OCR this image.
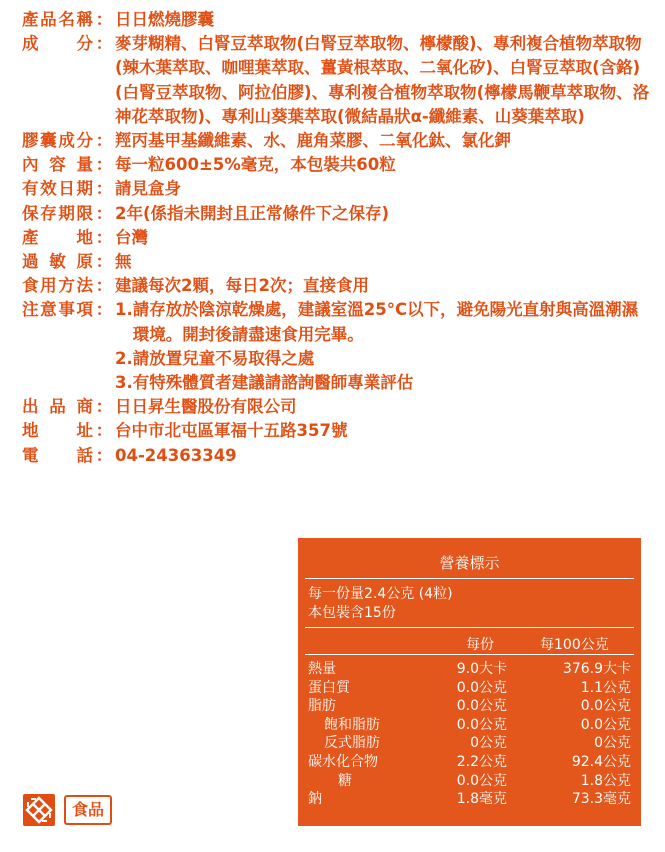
產品名稱 ： 日日燃燒膠囊
成 分 ： 麥芽糊精、白腎豆萃取物(白腎豆萃取物、檸檬酸)、專利複合植物萃取物(辣木葉萃取、咖哩葉萃取、薑黃根萃取、二氧化矽)、白腎豆萃取(含鉻)(白腎豆萃取物、阿拉伯膠)、專利複合植物萃取物(檸檬馬鞭草萃取物、洛神花萃取物)、專利山葵葉萃取(微結晶狀α-纖維素、山葵葉萃取)
膠囊成分 ： 羥丙基甲基纖維素、水、鹿角菜膠、二氧化鈦、氯化鉀
內容量 ： 每一粒600±5%毫克，本包裝共60粒
有效日期 ： 請見盒身
保存期限 ： 2年(係指未開封且正常條件下之保存)
產 地 ： 台灣
過敏原 ： 無
食用方法 ： 建議每次2顆，每日2次；直接食用
注意事項 ： 1. 請存放於陰涼乾燥處，建議室溫25°C以下，避免陽光直射與高溫潮濕環境。開封後請盡速食用完畢。
2. 請放置兒童不易取得之處
3. 有特殊體質者建議請諮詢醫師專業評估
出品商 ： 日日昇生醫股份有限公司
地 址 ： 台中市北屯區軍福十五路357號
電 話 ： 04-24363349
營養標示
每一份量2.4公克 (4粒)
本包裝含15份
每份	每100公克
熱量	9.0大卡	376.9大卡
蛋白質	0.0公克	1.1公克
脂肪	0.0公克	0.0公克
飽和脂肪	0.0公克	0.0公克
反式脂肪	0公克	0公克
碳水化合物	2.2公克	92.4公克
糖	0.0公克	1.8公克
鈉	1.8毫克	73.3毫克
食品
